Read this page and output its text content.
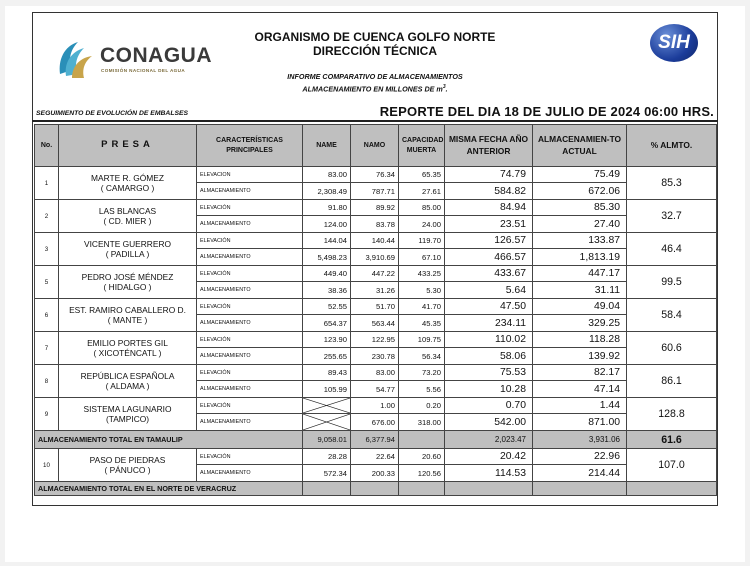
CONAGUA
COMISIÓN NACIONAL DEL AGUA
SIH
ORGANISMO DE CUENCA GOLFO NORTE
DIRECCIÓN TÉCNICA
INFORME COMPARATIVO DE ALMACENAMIENTOS
ALMACENAMIENTO EN MILLONES DE $m^3$.
SEGUIMIENTO DE EVOLUCIÓN DE EMBALSES	REPORTE DEL DIA 18 DE JULIO DE 2024 06:00 HRS.
No.	PRESA	CARACTERÍSTICAS
PRINCIPALES	NAME	NAMO	CAPACIDAD
MUERTA	MISMA FECHA AÑO
ANTERIOR	ALMACENAMIEN-TO
ACTUAL	% ALMTO.
1	MARTE R. GÓMEZ
( CAMARGO )	ELEVACION	83.00	76.34	65.35	74.79	75.49	85.3
		ALMACENAMIENTO	2,308.49	787.71	27.61	584.82	672.06	
2	LAS BLANCAS
( CD. MIER )	ELEVACIÓN	91.80	89.92	85.00	84.94	85.30	32.7
		ALMACENAMIENTO	124.00	83.78	24.00	23.51	27.40	
3	VICENTE GUERRERO
( PADILLA )	ELEVACIÓN	144.04	140.44	119.70	126.57	133.87	46.4
		ALMACENAMIENTO	5,498.23	3,910.69	67.10	466.57	1,813.19	
5	PEDRO JOSÉ MÉNDEZ
( HIDALGO )	ELEVACIÓN	449.40	447.22	433.25	433.67	447.17	99.5
		ALMACENAMIENTO	38.36	31.26	5.30	5.64	31.11	
6	EST. RAMIRO CABALLERO D.
( MANTE )	ELEVACIÓN	52.55	51.70	41.70	47.50	49.04	58.4
		ALMACENAMIENTO	654.37	563.44	45.35	234.11	329.25	
7	EMILIO PORTES GIL
( XICOTÉNCATL )	ELEVACIÓN	123.90	122.95	109.75	110.02	118.28	60.6
		ALMACENAMIENTO	255.65	230.78	56.34	58.06	139.92	
8	REPÚBLICA ESPAÑOLA
( ALDAMA )	ELEVACIÓN	89.43	83.00	73.20	75.53	82.17	86.1
		ALMACENAMIENTO	105.99	54.77	5.56	10.28	47.14	
9	SISTEMA LAGUNARIO
(TAMPICO)	ELEVACIÓN		1.00	0.20	0.70	1.44	128.8
		ALMACENAMIENTO		676.00	318.00	542.00	871.00	
ALMACENAMIENTO TOTAL EN TAMAULIP			9,058.01	6,377.94		2,023.47	3,931.06	61.6
10	PASO DE PIEDRAS
( PÁNUCO )	ELEVACIÓN	28.28	22.64	20.60	20.42	22.96	107.0
		ALMACENAMIENTO	572.34	200.33	120.56	114.53	214.44	
ALMACENAMIENTO TOTAL EN EL NORTE DE VERACRUZ								
